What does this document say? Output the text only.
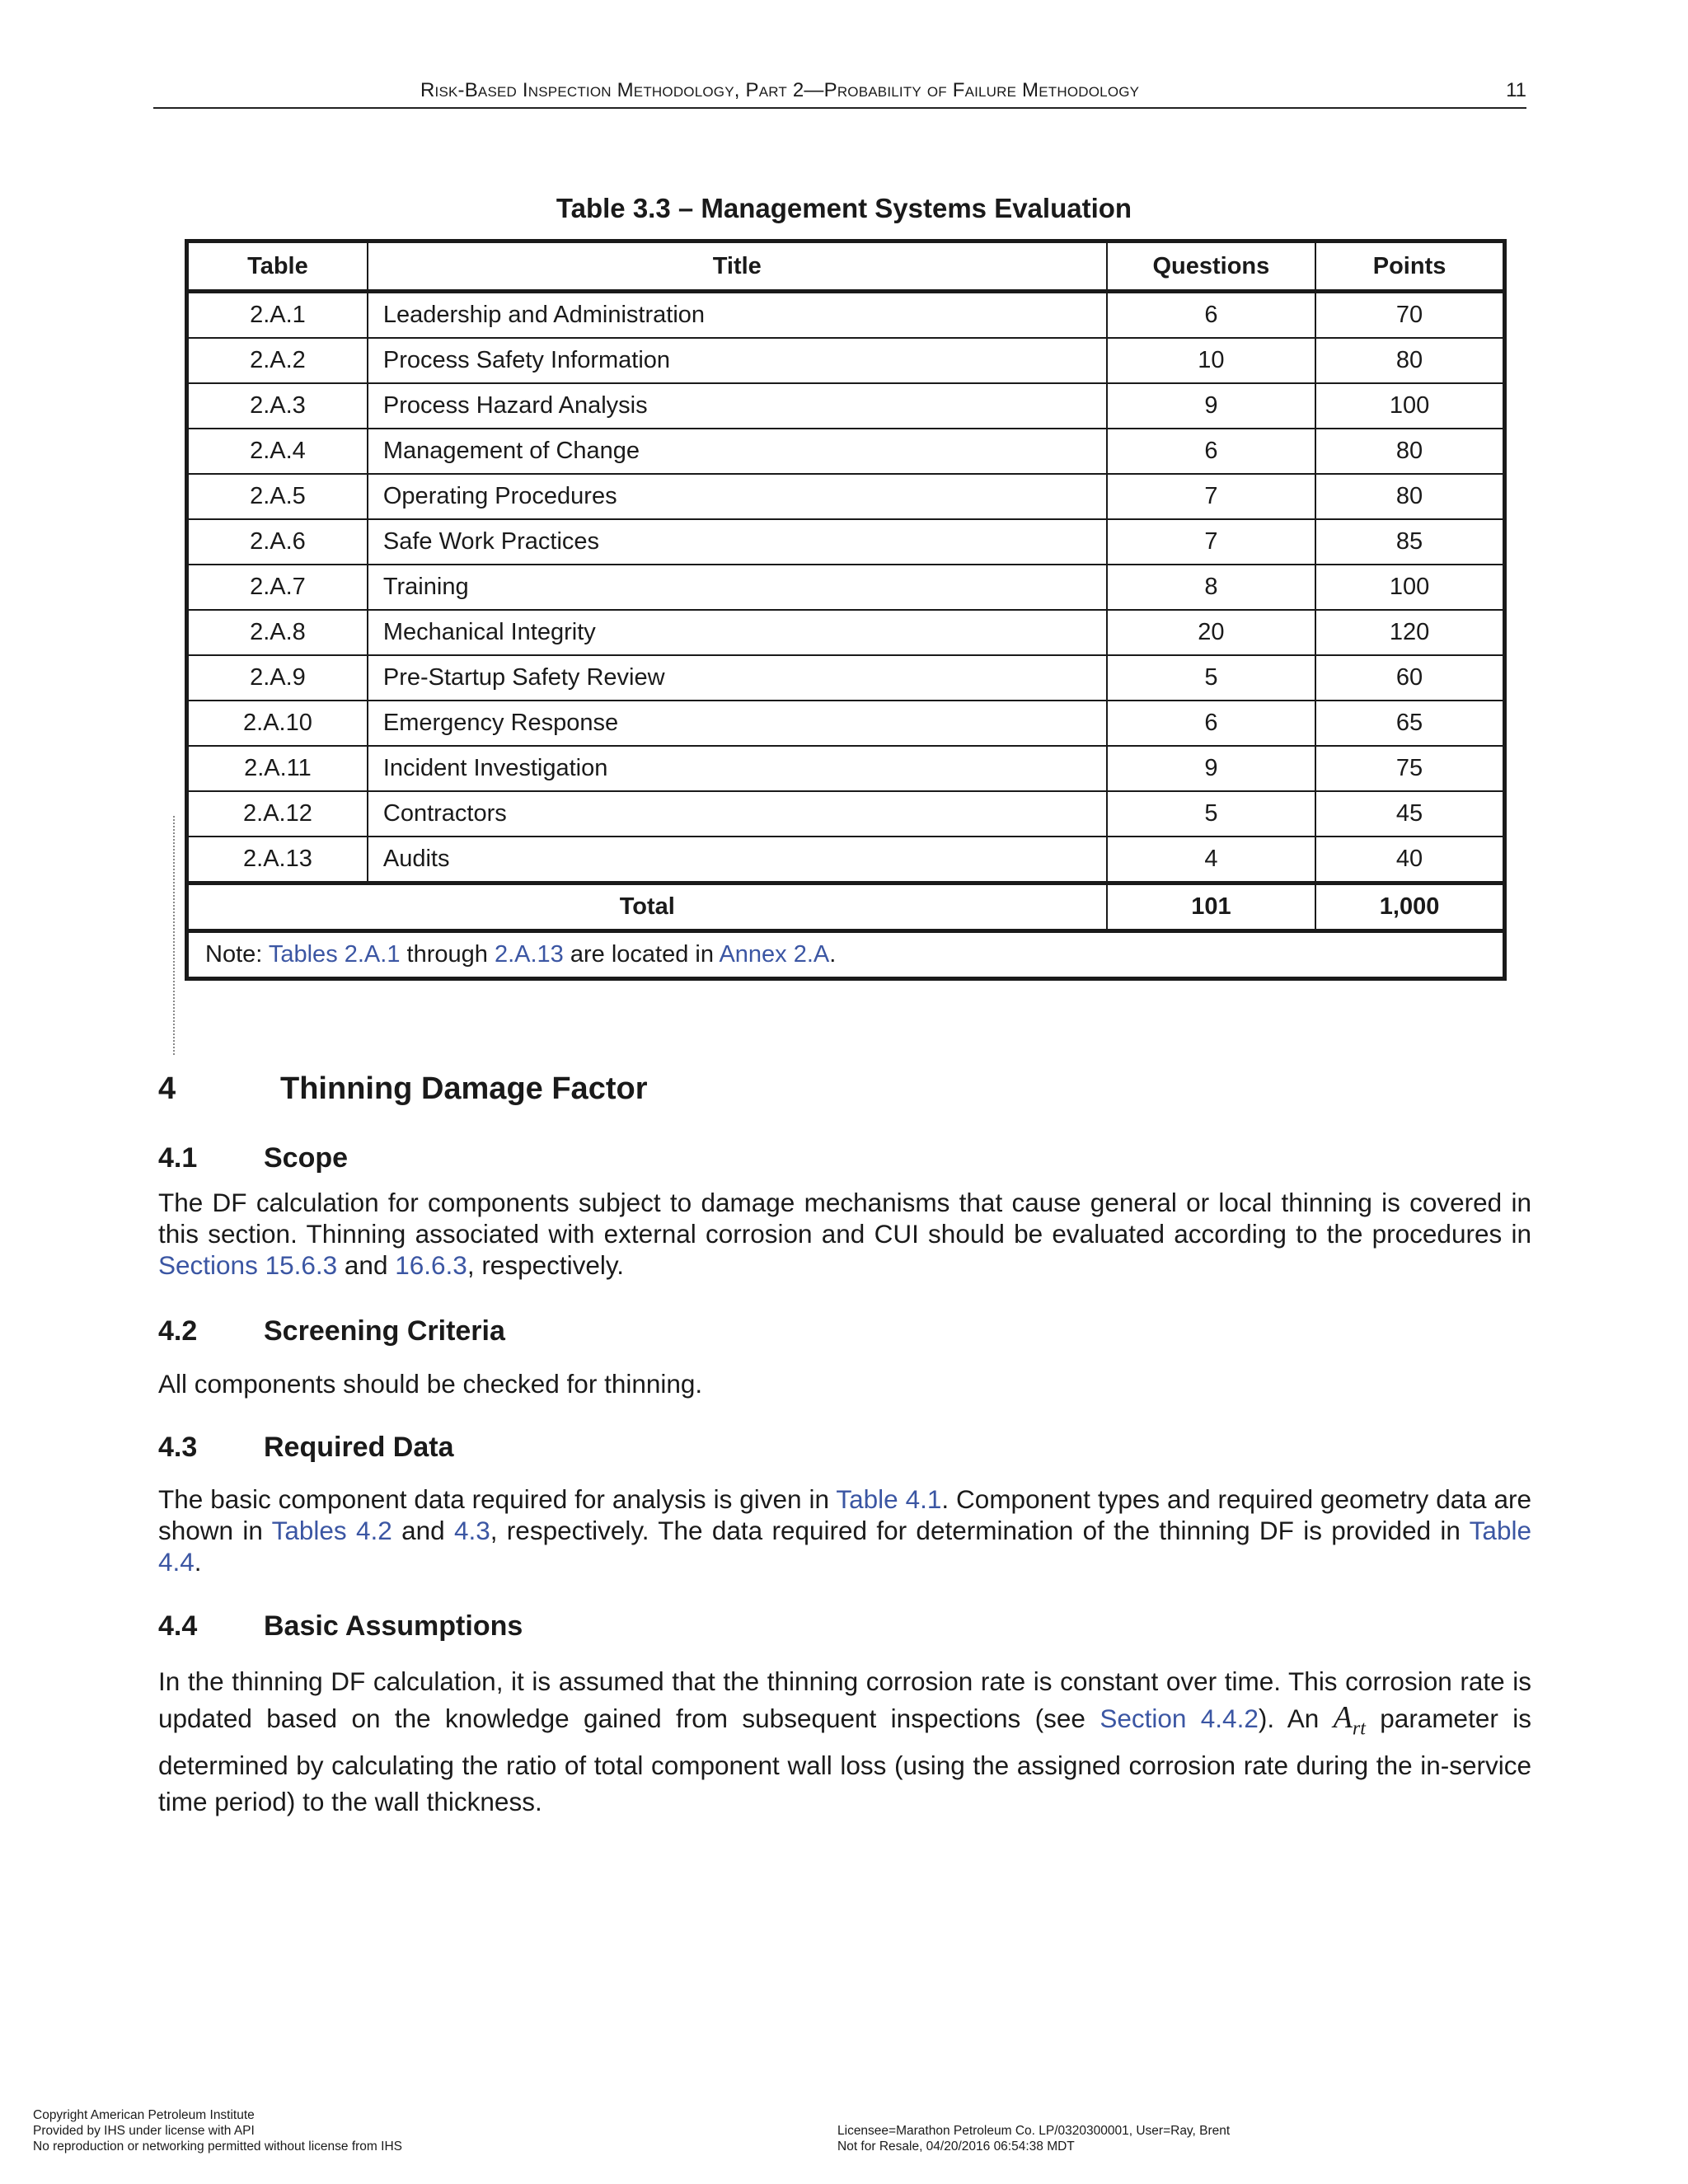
Risk-Based Inspection Methodology, Part 2—Probability of Failure Methodology	11
Table 3.3 – Management Systems Evaluation
Table	Title	Questions	Points
2.A.1	Leadership and Administration	6	70
2.A.2	Process Safety Information	10	80
2.A.3	Process Hazard Analysis	9	100
2.A.4	Management of Change	6	80
2.A.5	Operating Procedures	7	80
2.A.6	Safe Work Practices	7	85
2.A.7	Training	8	100
2.A.8	Mechanical Integrity	20	120
2.A.9	Pre-Startup Safety Review	5	60
2.A.10	Emergency Response	6	65
2.A.11	Incident Investigation	9	75
2.A.12	Contractors	5	45
2.A.13	Audits	4	40
Total		101	1,000
Note: Tables 2.A.1 through 2.A.13 are located in Annex 2.A.			
4	Thinning Damage Factor
4.1 Scope
The DF calculation for components subject to damage mechanisms that cause general or local thinning is covered in this section. Thinning associated with external corrosion and CUI should be evaluated according to the procedures in Sections 15.6.3 and 16.6.3, respectively.
4.2 Screening Criteria
All components should be checked for thinning.
4.3 Required Data
The basic component data required for analysis is given in Table 4.1. Component types and required geometry data are shown in Tables 4.2 and 4.3, respectively. The data required for determination of the thinning DF is provided in Table 4.4.
4.4 Basic Assumptions
In the thinning DF calculation, it is assumed that the thinning corrosion rate is constant over time. This corrosion rate is updated based on the knowledge gained from subsequent inspections (see Section 4.4.2). An $A_{rt}$ parameter is determined by calculating the ratio of total component wall loss (using the assigned corrosion rate during the in-service time period) to the wall thickness.
Copyright American Petroleum Institute
Provided by IHS under license with API
No reproduction or networking permitted without license from IHS
Licensee=Marathon Petroleum Co. LP/0320300001, User=Ray, Brent
Not for Resale, 04/20/2016 06:54:38 MDT
